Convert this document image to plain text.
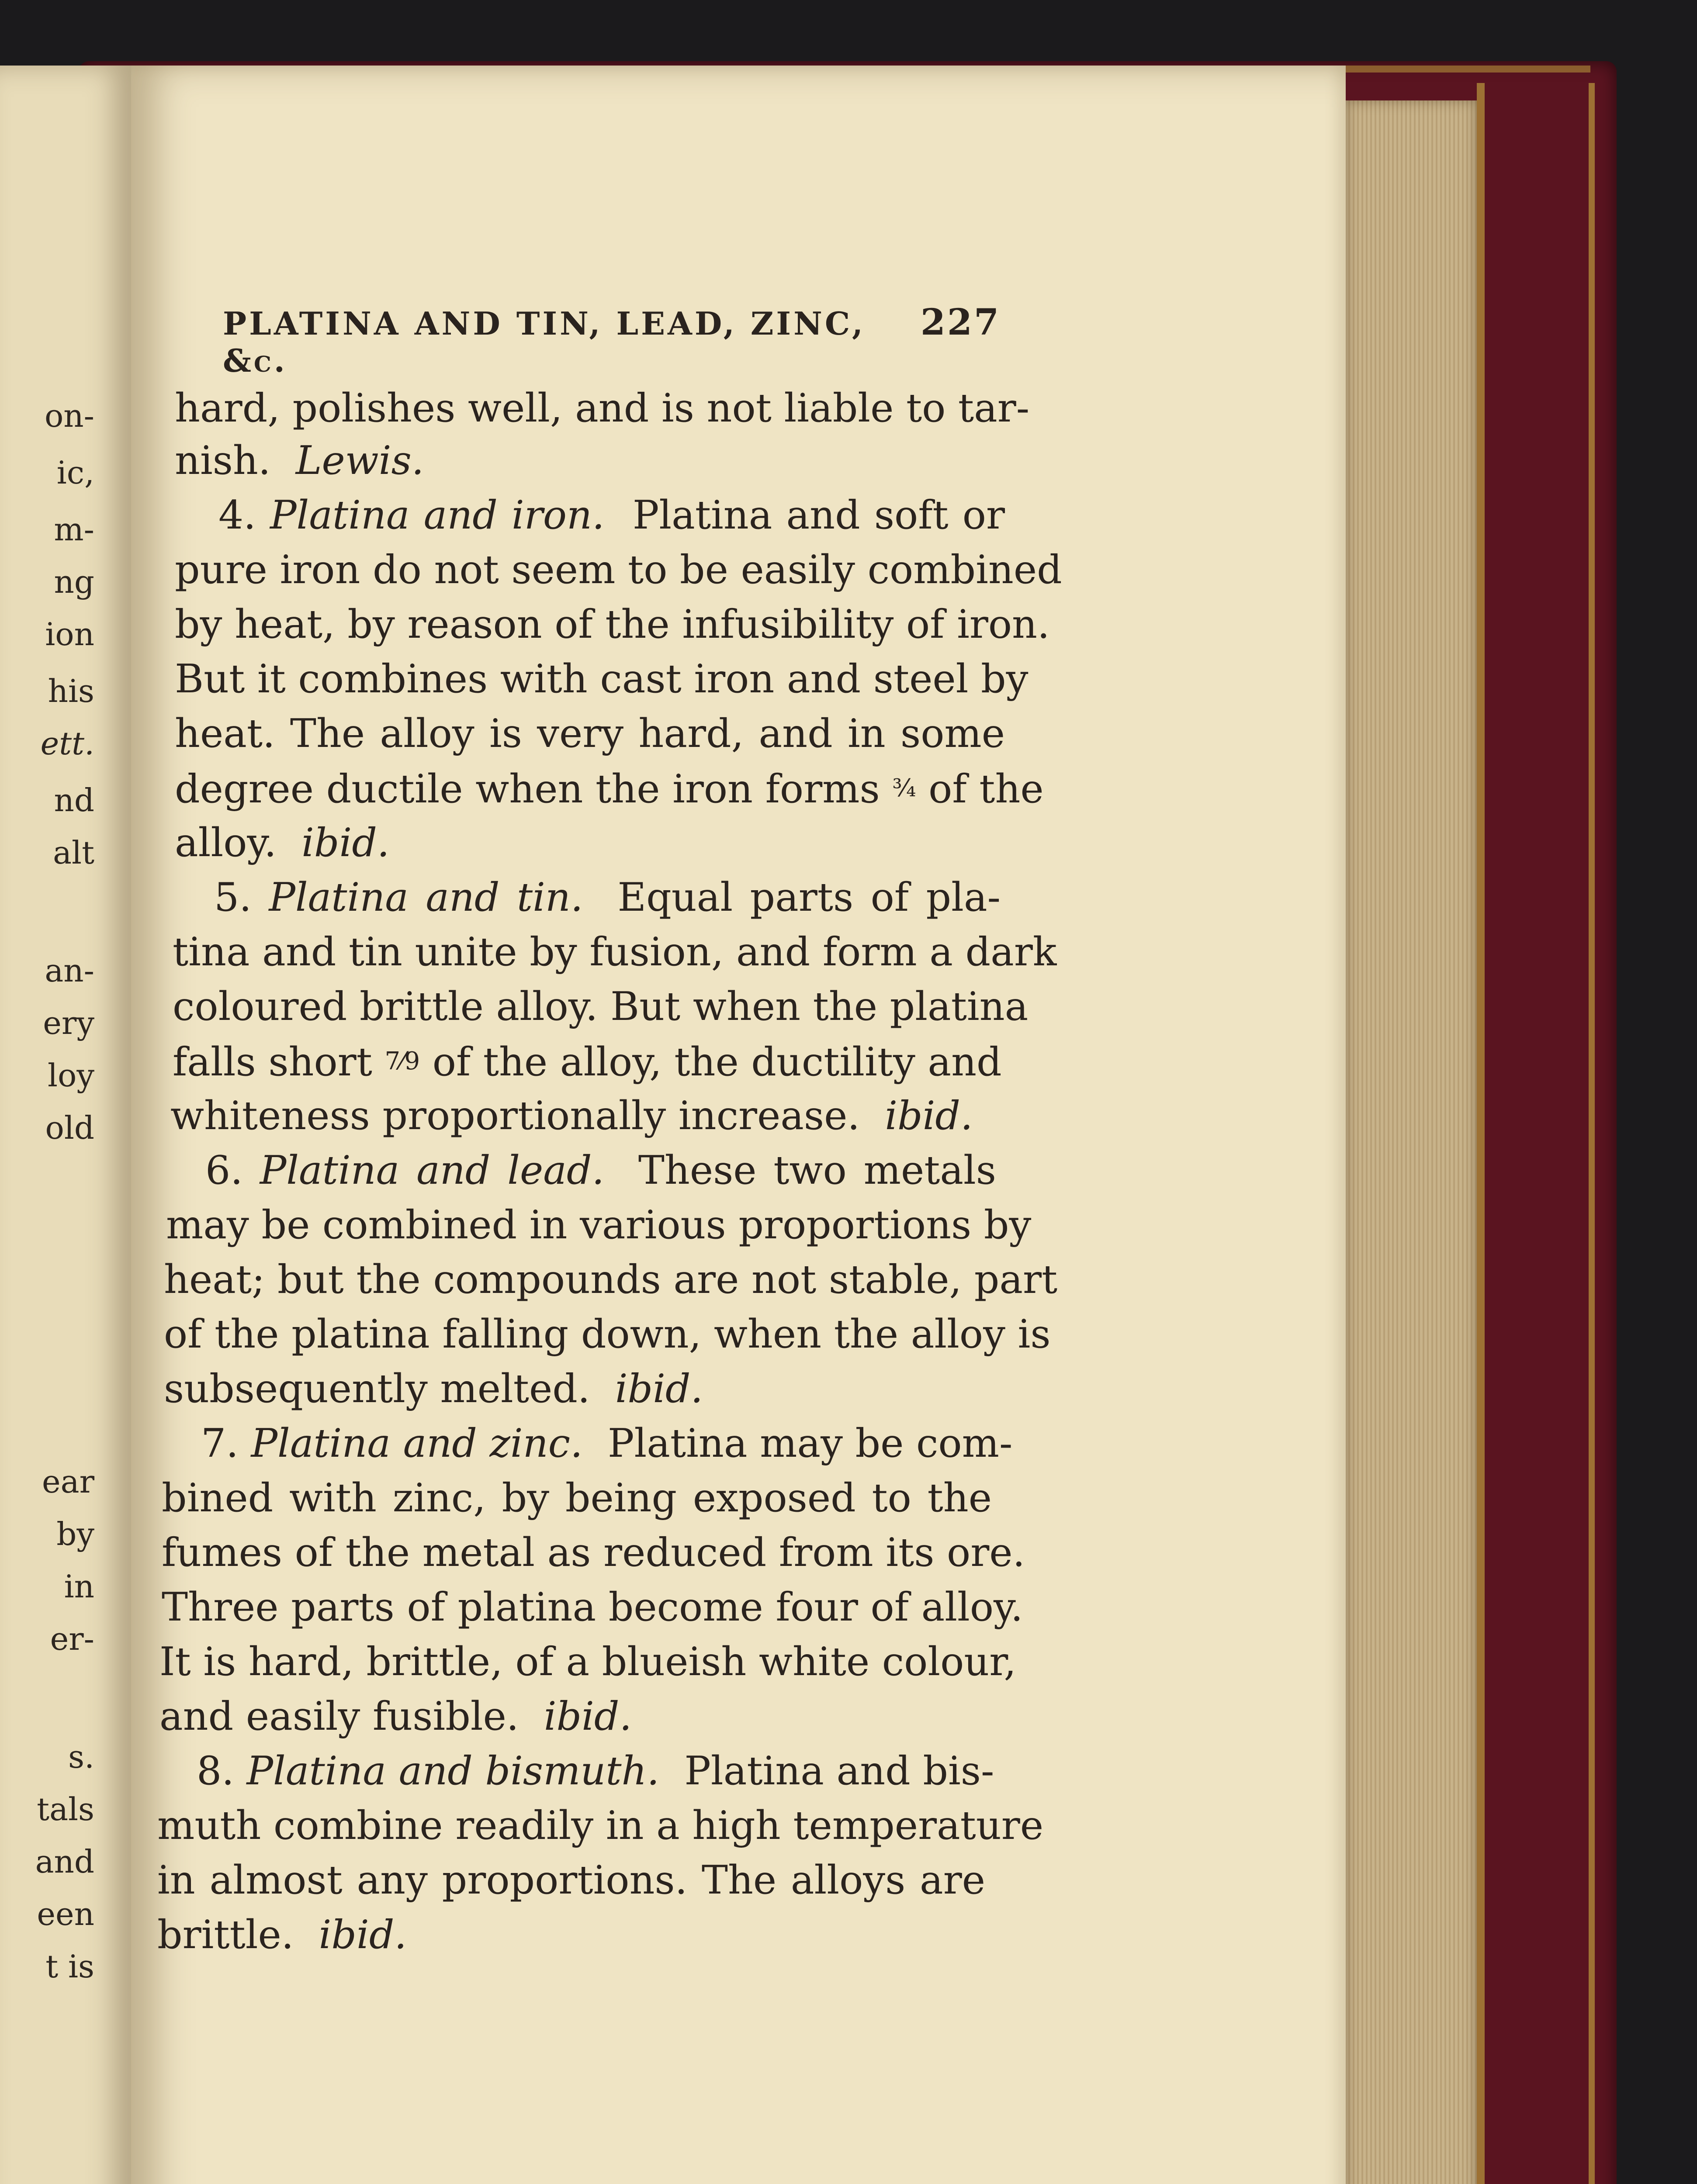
on-
ic,
m-
ng
ion
his
ett.
nd
alt
an-
ery
loy
old
ear
by
in
er-
s.
tals
and
een
t is
PLATINA AND TIN, LEAD, ZINC, &c.
227
hard, polishes well, and is not liable to tar-
nish. Lewis.
4. Platina and iron. Platina and soft or
pure iron do not seem to be easily combined
by heat, by reason of the infusibility of iron.
But it combines with cast iron and steel by
heat. The alloy is very hard, and in some
degree ductile when the iron forms ¾ of the
alloy. ibid.
5. Platina and tin. Equal parts of pla-
tina and tin unite by fusion, and form a dark
coloured brittle alloy. But when the platina
falls short 7⁄9 of the alloy, the ductility and
whiteness proportionally increase. ibid.
6. Platina and lead. These two metals
may be combined in various proportions by
heat; but the compounds are not stable, part
of the platina falling down, when the alloy is
subsequently melted. ibid.
7. Platina and zinc. Platina may be com-
bined with zinc, by being exposed to the
fumes of the metal as reduced from its ore.
Three parts of platina become four of alloy.
It is hard, brittle, of a blueish white colour,
and easily fusible. ibid.
8. Platina and bismuth. Platina and bis-
muth combine readily in a high temperature
in almost any proportions. The alloys are
brittle. ibid.
